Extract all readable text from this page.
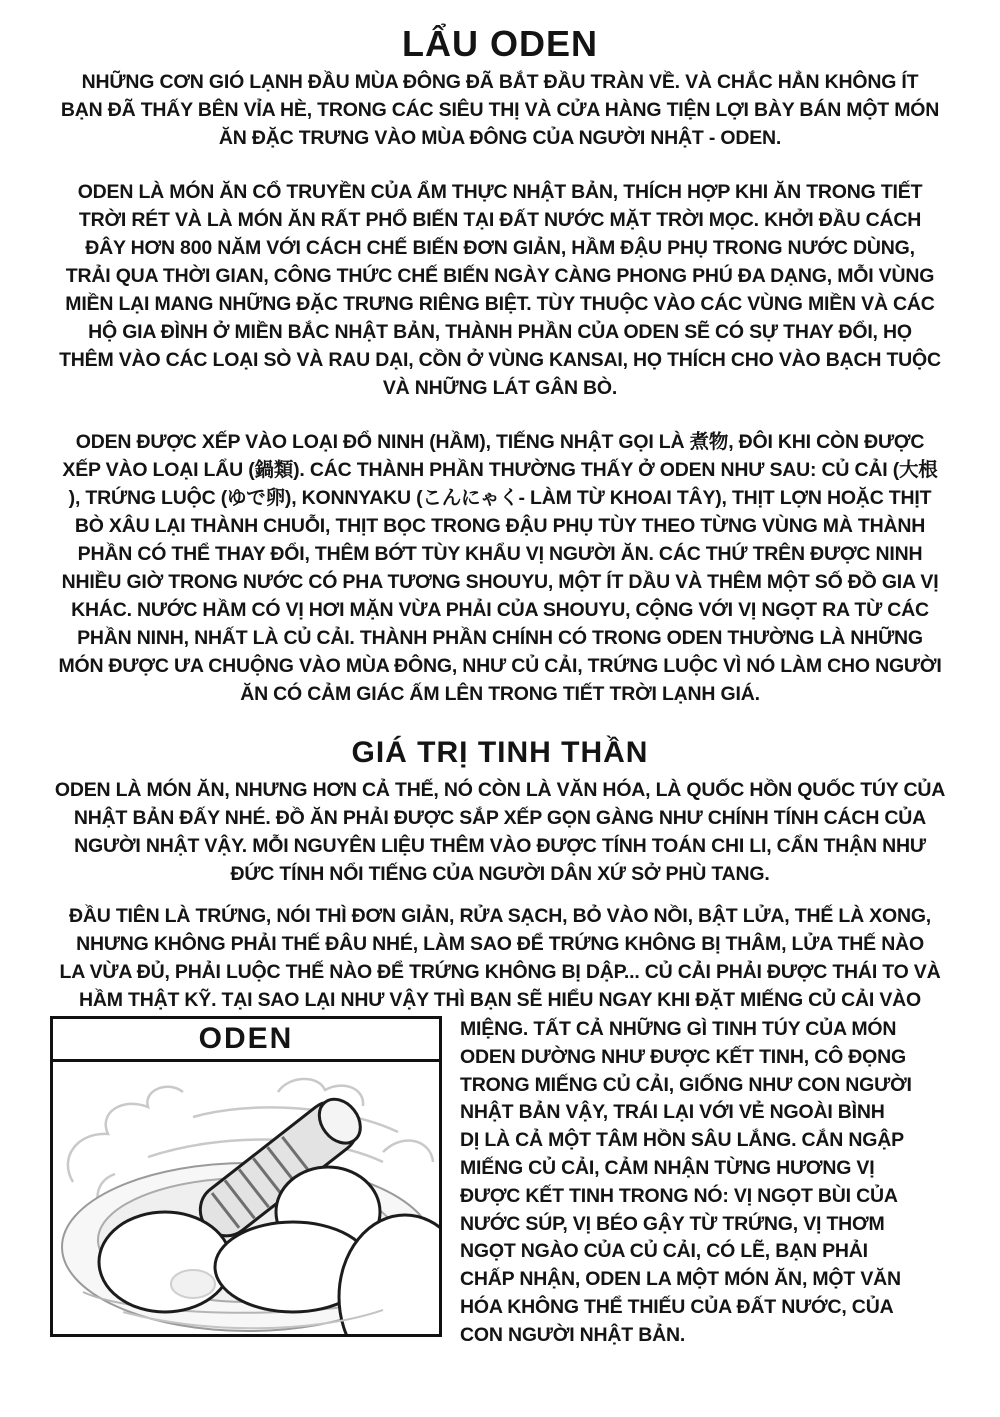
LẨU ODEN
NHỮNG CƠN GIÓ LẠNH ĐẦU MÙA ĐÔNG ĐÃ BẮT ĐẦU TRÀN VỀ. VÀ CHẮC HẲN KHÔNG ÍT
BẠN ĐÃ THẤY BÊN VỈA HÈ, TRONG CÁC SIÊU THỊ VÀ CỬA HÀNG TIỆN LỢI BÀY BÁN MỘT MÓN
ĂN ĐẶC TRƯNG VÀO MÙA ĐÔNG CỦA NGƯỜI NHẬT - ODEN.
ODEN LÀ MÓN ĂN CỔ TRUYỀN CỦA ẨM THỰC NHẬT BẢN, THÍCH HỢP KHI ĂN TRONG TIẾT
TRỜI RÉT VÀ LÀ MÓN ĂN RẤT PHỔ BIẾN TẠI ĐẤT NƯỚC MẶT TRỜI MỌC. KHỞI ĐẦU CÁCH
ĐÂY HƠN 800 NĂM VỚI CÁCH CHẾ BIẾN ĐƠN GIẢN, HẦM ĐẬU PHỤ TRONG NƯỚC DÙNG,
TRẢI QUA THỜI GIAN, CÔNG THỨC CHẾ BIẾN NGÀY CÀNG PHONG PHÚ ĐA DẠNG, MỖI VÙNG
MIỀN LẠI MANG NHỮNG ĐẶC TRƯNG RIÊNG BIỆT. TÙY THUỘC VÀO CÁC VÙNG MIỀN VÀ CÁC
HỘ GIA ĐÌNH Ở MIỀN BẮC NHẬT BẢN, THÀNH PHẦN CỦA ODEN SẼ CÓ SỰ THAY ĐỔI, HỌ
THÊM VÀO CÁC LOẠI SÒ VÀ RAU DẠI, CỒN Ở VÙNG KANSAI, HỌ THÍCH CHO VÀO BẠCH TUỘC
VÀ NHỮNG LÁT GÂN BÒ.
ODEN ĐƯỢC XẾP VÀO LOẠI ĐỔ NINH (HẦM), TIẾNG NHẬT GỌI LÀ 煮物, ĐÔI KHI CÒN ĐƯỢC
XẾP VÀO LOẠI LẨU (鍋類). CÁC THÀNH PHẦN THƯỜNG THẤY Ở ODEN NHƯ SAU: CỦ CẢI (大根
), TRỨNG LUỘC (ゆで卵), KONNYAKU (こんにゃく- LÀM TỪ KHOAI TÂY), THỊT LỢN HOẶC THỊT
BÒ XÂU LẠI THÀNH CHUỖI, THỊT BỌC TRONG ĐẬU PHỤ TÙY THEO TỪNG VÙNG MÀ THÀNH
PHẦN CÓ THỂ THAY ĐỔI, THÊM BỚT TÙY KHẨU VỊ NGƯỜI ĂN. CÁC THỨ TRÊN ĐƯỢC NINH
NHIỀU GIỜ TRONG NƯỚC CÓ PHA TƯƠNG SHOUYU, MỘT ÍT DẦU VÀ THÊM MỘT SỐ ĐỒ GIA VỊ
KHÁC. NƯỚC HẦM CÓ VỊ HƠI MẶN VỪA PHẢI CỦA SHOUYU, CỘNG VỚI VỊ NGỌT RA TỪ CÁC
PHẦN NINH, NHẤT LÀ CỦ CẢI. THÀNH PHẦN CHÍNH CÓ TRONG ODEN THƯỜNG LÀ NHỮNG
MÓN ĐƯỢC ƯA CHUỘNG VÀO MÙA ĐÔNG, NHƯ CỦ CẢI, TRỨNG LUỘC VÌ NÓ LÀM CHO NGƯỜI
ĂN CÓ CẢM GIÁC ẤM LÊN TRONG TIẾT TRỜI LẠNH GIÁ.
GIÁ TRỊ TINH THẦN
ODEN LÀ MÓN ĂN, NHƯNG HƠN CẢ THẾ, NÓ CÒN LÀ VĂN HÓA, LÀ QUỐC HỒN QUỐC TÚY CỦA
NHẬT BẢN ĐẤY NHÉ. ĐỒ ĂN PHẢI ĐƯỢC SẮP XẾP GỌN GÀNG NHƯ CHÍNH TÍNH CÁCH CỦA
NGƯỜI NHẬT VẬY. MỖI NGUYÊN LIỆU THÊM VÀO ĐƯỢC TÍNH TOÁN CHI LI, CẨN THẬN NHƯ
ĐỨC TÍNH NỔI TIẾNG CỦA NGƯỜI DÂN XỨ SỞ PHÙ TANG.
ĐẦU TIÊN LÀ TRỨNG, NÓI THÌ ĐƠN GIẢN, RỬA SẠCH, BỎ VÀO NỒI, BẬT LỬA, THẾ LÀ XONG,
NHƯNG KHÔNG PHẢI THẾ ĐÂU NHÉ, LÀM SAO ĐỂ TRỨNG KHÔNG BỊ THÂM, LỬA THẾ NÀO
LA VỪA ĐỦ, PHẢI LUỘC THẾ NÀO ĐỂ TRỨNG KHÔNG BỊ DẬP... CỦ CẢI PHẢI ĐƯỢC THÁI TO VÀ
HẦM THẬT KỸ. TẠI SAO LẠI NHƯ VẬY THÌ BẠN SẼ HIỂU NGAY KHI ĐẶT MIẾNG CỦ CẢI VÀO
ODEN	MIỆNG. TẤT CẢ NHỮNG GÌ TINH TÚY CỦA MÓN
ODEN DƯỜNG NHƯ ĐƯỢC KẾT TINH, CÔ ĐỌNG
TRONG MIẾNG CỦ CẢI, GIỐNG NHƯ CON NGƯỜI
NHẬT BẢN VẬY, TRÁI LẠI VỚI VẺ NGOÀI BÌNH
DỊ LÀ CẢ MỘT TÂM HỒN SÂU LẮNG. CẮN NGẬP
MIẾNG CỦ CẢI, CẢM NHẬN TỪNG HƯƠNG VỊ
ĐƯỢC KẾT TINH TRONG NÓ: VỊ NGỌT BÙI CỦA
NƯỚC SÚP, VỊ BÉO GẬY TỪ TRỨNG, VỊ THƠM
NGỌT NGÀO CỦA CỦ CẢI, CÓ LẼ, BẠN PHẢI
CHẤP NHẬN, ODEN LA MỘT MÓN ĂN, MỘT VĂN
HÓA KHÔNG THỂ THIẾU CỦA ĐẤT NƯỚC, CỦA
CON NGƯỜI NHẬT BẢN.
